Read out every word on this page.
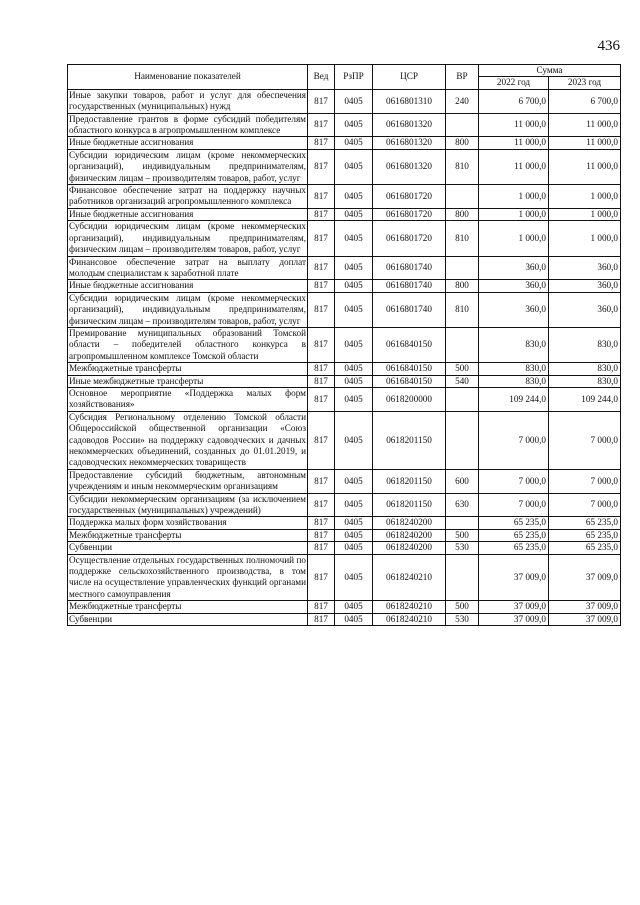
436
Наименование показателей	Вед	РзПР	ЦСР	ВР	Сумма	
					2022 год	2023 год
Иные закупки товаров, работ и услуг для обеспечения государственных (муниципальных) нужд	817	0405	0616801310	240	6 700,0	6 700,0
Предоставление грантов в форме субсидий победителям областного конкурса в агропромышленном комплексе	817	0405	0616801320		11 000,0	11 000,0
Иные бюджетные ассигнования	817	0405	0616801320	800	11 000,0	11 000,0
Субсидии юридическим лицам (кроме некоммерческих организаций), индивидуальным предпринимателям, физическим лицам – производителям товаров, работ, услуг	817	0405	0616801320	810	11 000,0	11 000,0
Финансовое обеспечение затрат на поддержку научных работников организаций агропромышленного комплекса	817	0405	0616801720		1 000,0	1 000,0
Иные бюджетные ассигнования	817	0405	0616801720	800	1 000,0	1 000,0
Субсидии юридическим лицам (кроме некоммерческих организаций), индивидуальным предпринимателям, физическим лицам – производителям товаров, работ, услуг	817	0405	0616801720	810	1 000,0	1 000,0
Финансовое обеспечение затрат на выплату доплат молодым специалистам к заработной плате	817	0405	0616801740		360,0	360,0
Иные бюджетные ассигнования	817	0405	0616801740	800	360,0	360,0
Субсидии юридическим лицам (кроме некоммерческих организаций), индивидуальным предпринимателям, физическим лицам – производителям товаров, работ, услуг	817	0405	0616801740	810	360,0	360,0
Премирование муниципальных образований Томской области – победителей областного конкурса в агропромышленном комплексе Томской области	817	0405	0616840150		830,0	830,0
Межбюджетные трансферты	817	0405	0616840150	500	830,0	830,0
Иные межбюджетные трансферты	817	0405	0616840150	540	830,0	830,0
Основное мероприятие «Поддержка малых форм хозяйствования»	817	0405	0618200000		109 244,0	109 244,0
Субсидия Региональному отделению Томской области Общероссийской общественной организации «Союз садоводов России» на поддержку садоводческих и дачных некоммерческих объединений, созданных до 01.01.2019, и садоводческих некоммерческих товариществ	817	0405	0618201150		7 000,0	7 000,0
Предоставление субсидий бюджетным, автономным учреждениям и иным некоммерческим организациям	817	0405	0618201150	600	7 000,0	7 000,0
Субсидии некоммерческим организациям (за исключением государственных (муниципальных) учреждений)	817	0405	0618201150	630	7 000,0	7 000,0
Поддержка малых форм хозяйствования	817	0405	0618240200		65 235,0	65 235,0
Межбюджетные трансферты	817	0405	0618240200	500	65 235,0	65 235,0
Субвенции	817	0405	0618240200	530	65 235,0	65 235,0
Осуществление отдельных государственных полномочий по поддержке сельскохозяйственного производства, в том числе на осуществление управленческих функций органами местного самоуправления	817	0405	0618240210		37 009,0	37 009,0
Межбюджетные трансферты	817	0405	0618240210	500	37 009,0	37 009,0
Субвенции	817	0405	0618240210	530	37 009,0	37 009,0
